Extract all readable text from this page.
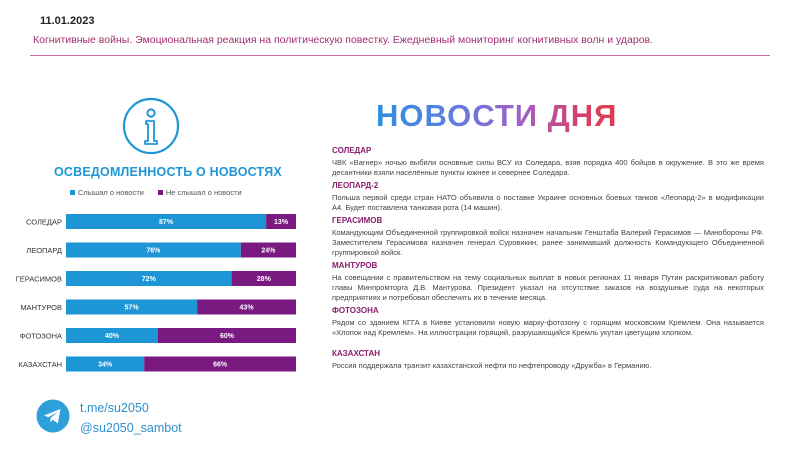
11.01.2023
Когнитивные войны. Эмоциональная реакция на политическую повестку. Ежедневный мониторинг когнитивных волн и ударов.
ОСВЕДОМЛЕННОСТЬ О НОВОСТЯХ
Слышал о новости	Не слышал о новости
СОЛЕДАР	87%	13%
ЛЕОПАРД	76%	24%
ГЕРАСИМОВ	72%	28%
МАНТУРОВ	57%	43%
ФОТОЗОНА	40%	60%
КАЗАХСТАН	34%	66%
t.me/su2050
@su2050_sambot
НОВОСТИ ДНЯ
СОЛЕДАР
ЧВК «Вагнер» ночью выбили основные силы ВСУ из Соледара, взяв порядка 400 бойцов в окружение. В это же время десантники взяли населённые пункты южнее и севернее Соледара.
ЛЕОПАРД-2
Польша первой среди стран НАТО объявила о поставке Украине основных боевых танков «Леопард-2» в модификации А4. Будет поставлена танковая рота (14 машин).
ГЕРАСИМОВ
Командующим Объединенной группировкой войск назначен начальник Генштаба Валерий Герасимов — Минобороны РФ. Заместителем Герасимова назначен генерал Суровикин, ранее занимавший должность Командующего Объединенной группировкой войск.
МАНТУРОВ
На совещании с правительством на тему социальных выплат в новых регионах 11 января Путин раскритиковал работу главы Минпромторга Д.В. Мантурова. Президент указал на отсутствие заказов на воздушные суда на некоторых предприятиях и потребовал обеспечить их в течение месяца.
ФОТОЗОНА
Рядом со зданием КГГА в Киеве установили новую марку-фотозону с горящим московским Кремлем. Она называется «Хлопок над Кремлем». На иллюстрации горящий, разрушающийся Кремль укутан цветущим хлопком.
КАЗАХСТАН
Россия поддержала транзит казахстанской нефти по нефтепроводу «Дружба» в Германию.
